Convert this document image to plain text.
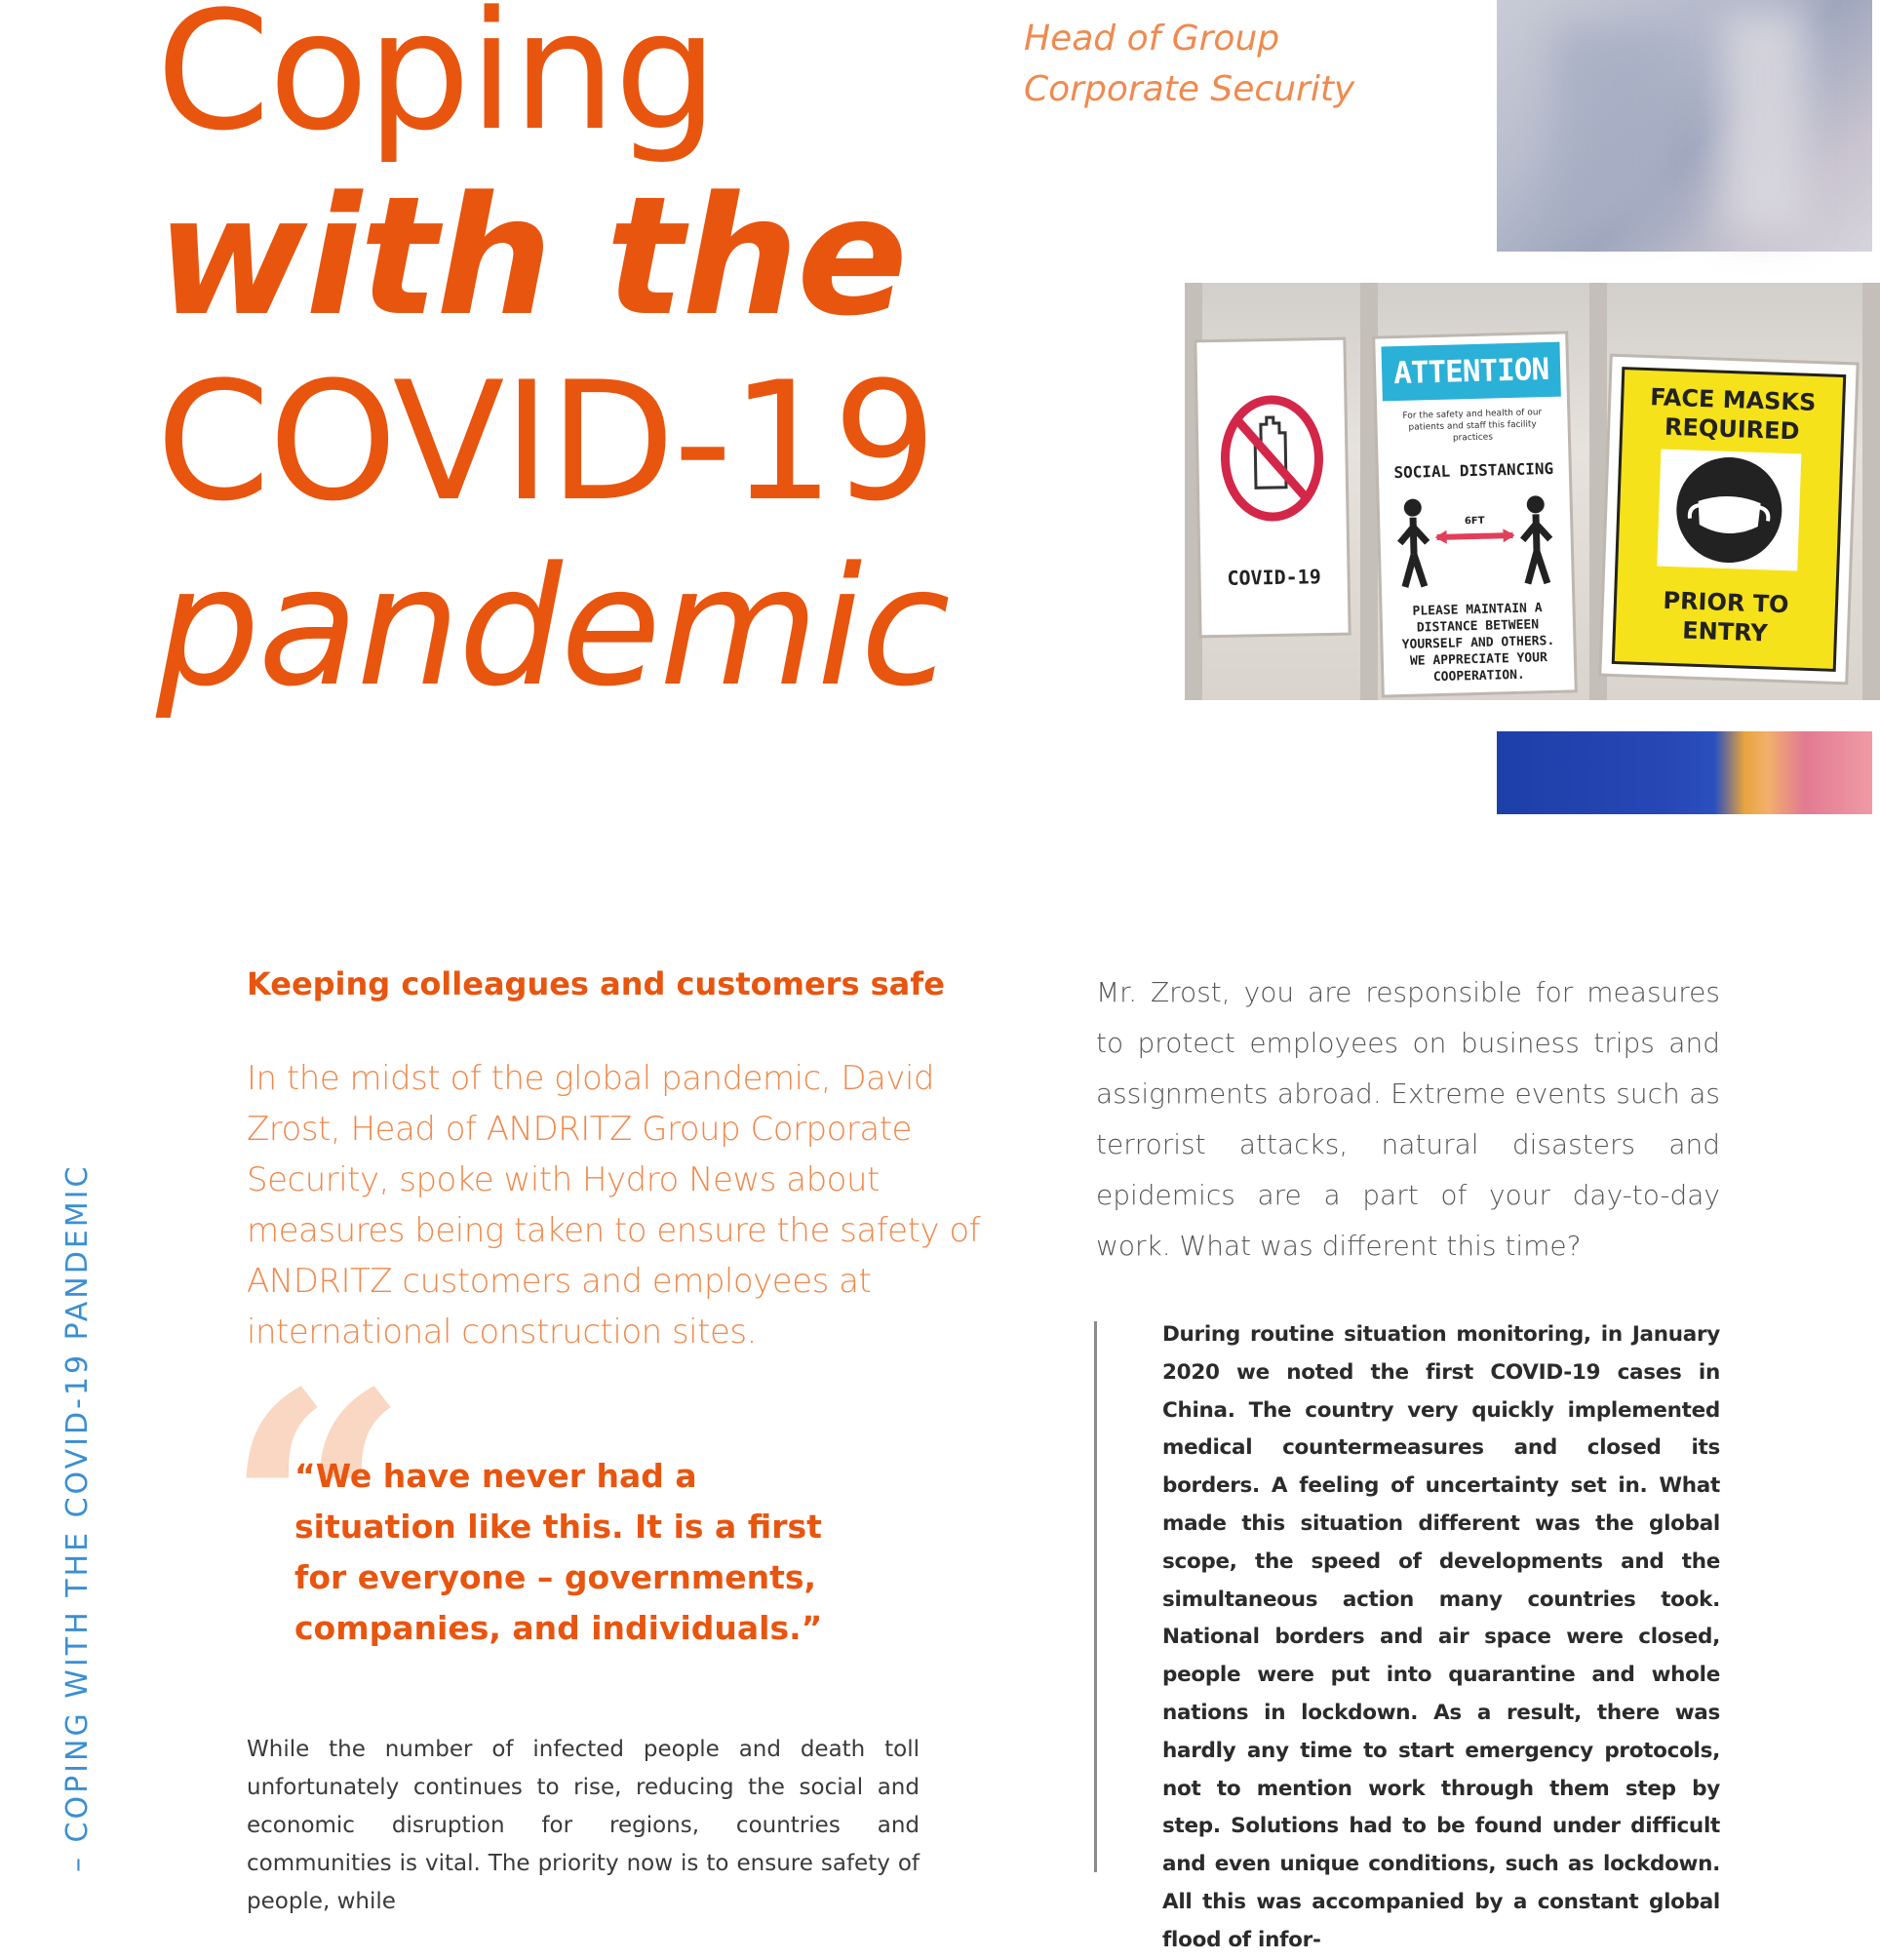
Coping
with the
COVID-19
pandemic
Head of Group
Corporate Security
COVID-19
ATTENTION
For the safety and health of our patients and staff this facility practices
SOCIAL DISTANCING
6FT
PLEASE MAINTAIN A DISTANCE BETWEEN YOURSELF AND OTHERS. WE APPRECIATE YOUR COOPERATION.
FACE MASKS REQUIRED
PRIOR TO ENTRY
– COPING WITH THE COVID-19 PANDEMIC
Keeping colleagues and customers safe
In the midst of the global pandemic, David Zrost, Head of ANDRITZ Group Corporate Security, spoke with Hydro News about measures being taken to ensure the safety of ANDRITZ customers and employees at international construction sites.
“
“We have never had a situation like this. It is a first for everyone – governments, companies, and individuals.”
While the number of infected people and death toll unfortunately continues to rise, reducing the social and economic disruption for regions, countries and communities is vital. The priority now is to ensure safety of people, while
Mr. Zrost, you are responsible for measures to protect employees on business trips and assignments abroad. Extreme events such as terrorist attacks, natural disasters and epidemics are a part of your day-to-day work. What was different this time?
During routine situation monitoring, in January 2020 we noted the first COVID-19 cases in China. The country very quickly implemented medical countermeasures and closed its borders. A feeling of uncertainty set in. What made this situation different was the global scope, the speed of developments and the simultaneous action many countries took. National borders and air space were closed, people were put into quarantine and whole nations in lockdown. As a result, there was hardly any time to start emergency protocols, not to mention work through them step by step. Solutions had to be found under difficult and even unique conditions, such as lockdown. All this was accompanied by a constant global flood of infor-
